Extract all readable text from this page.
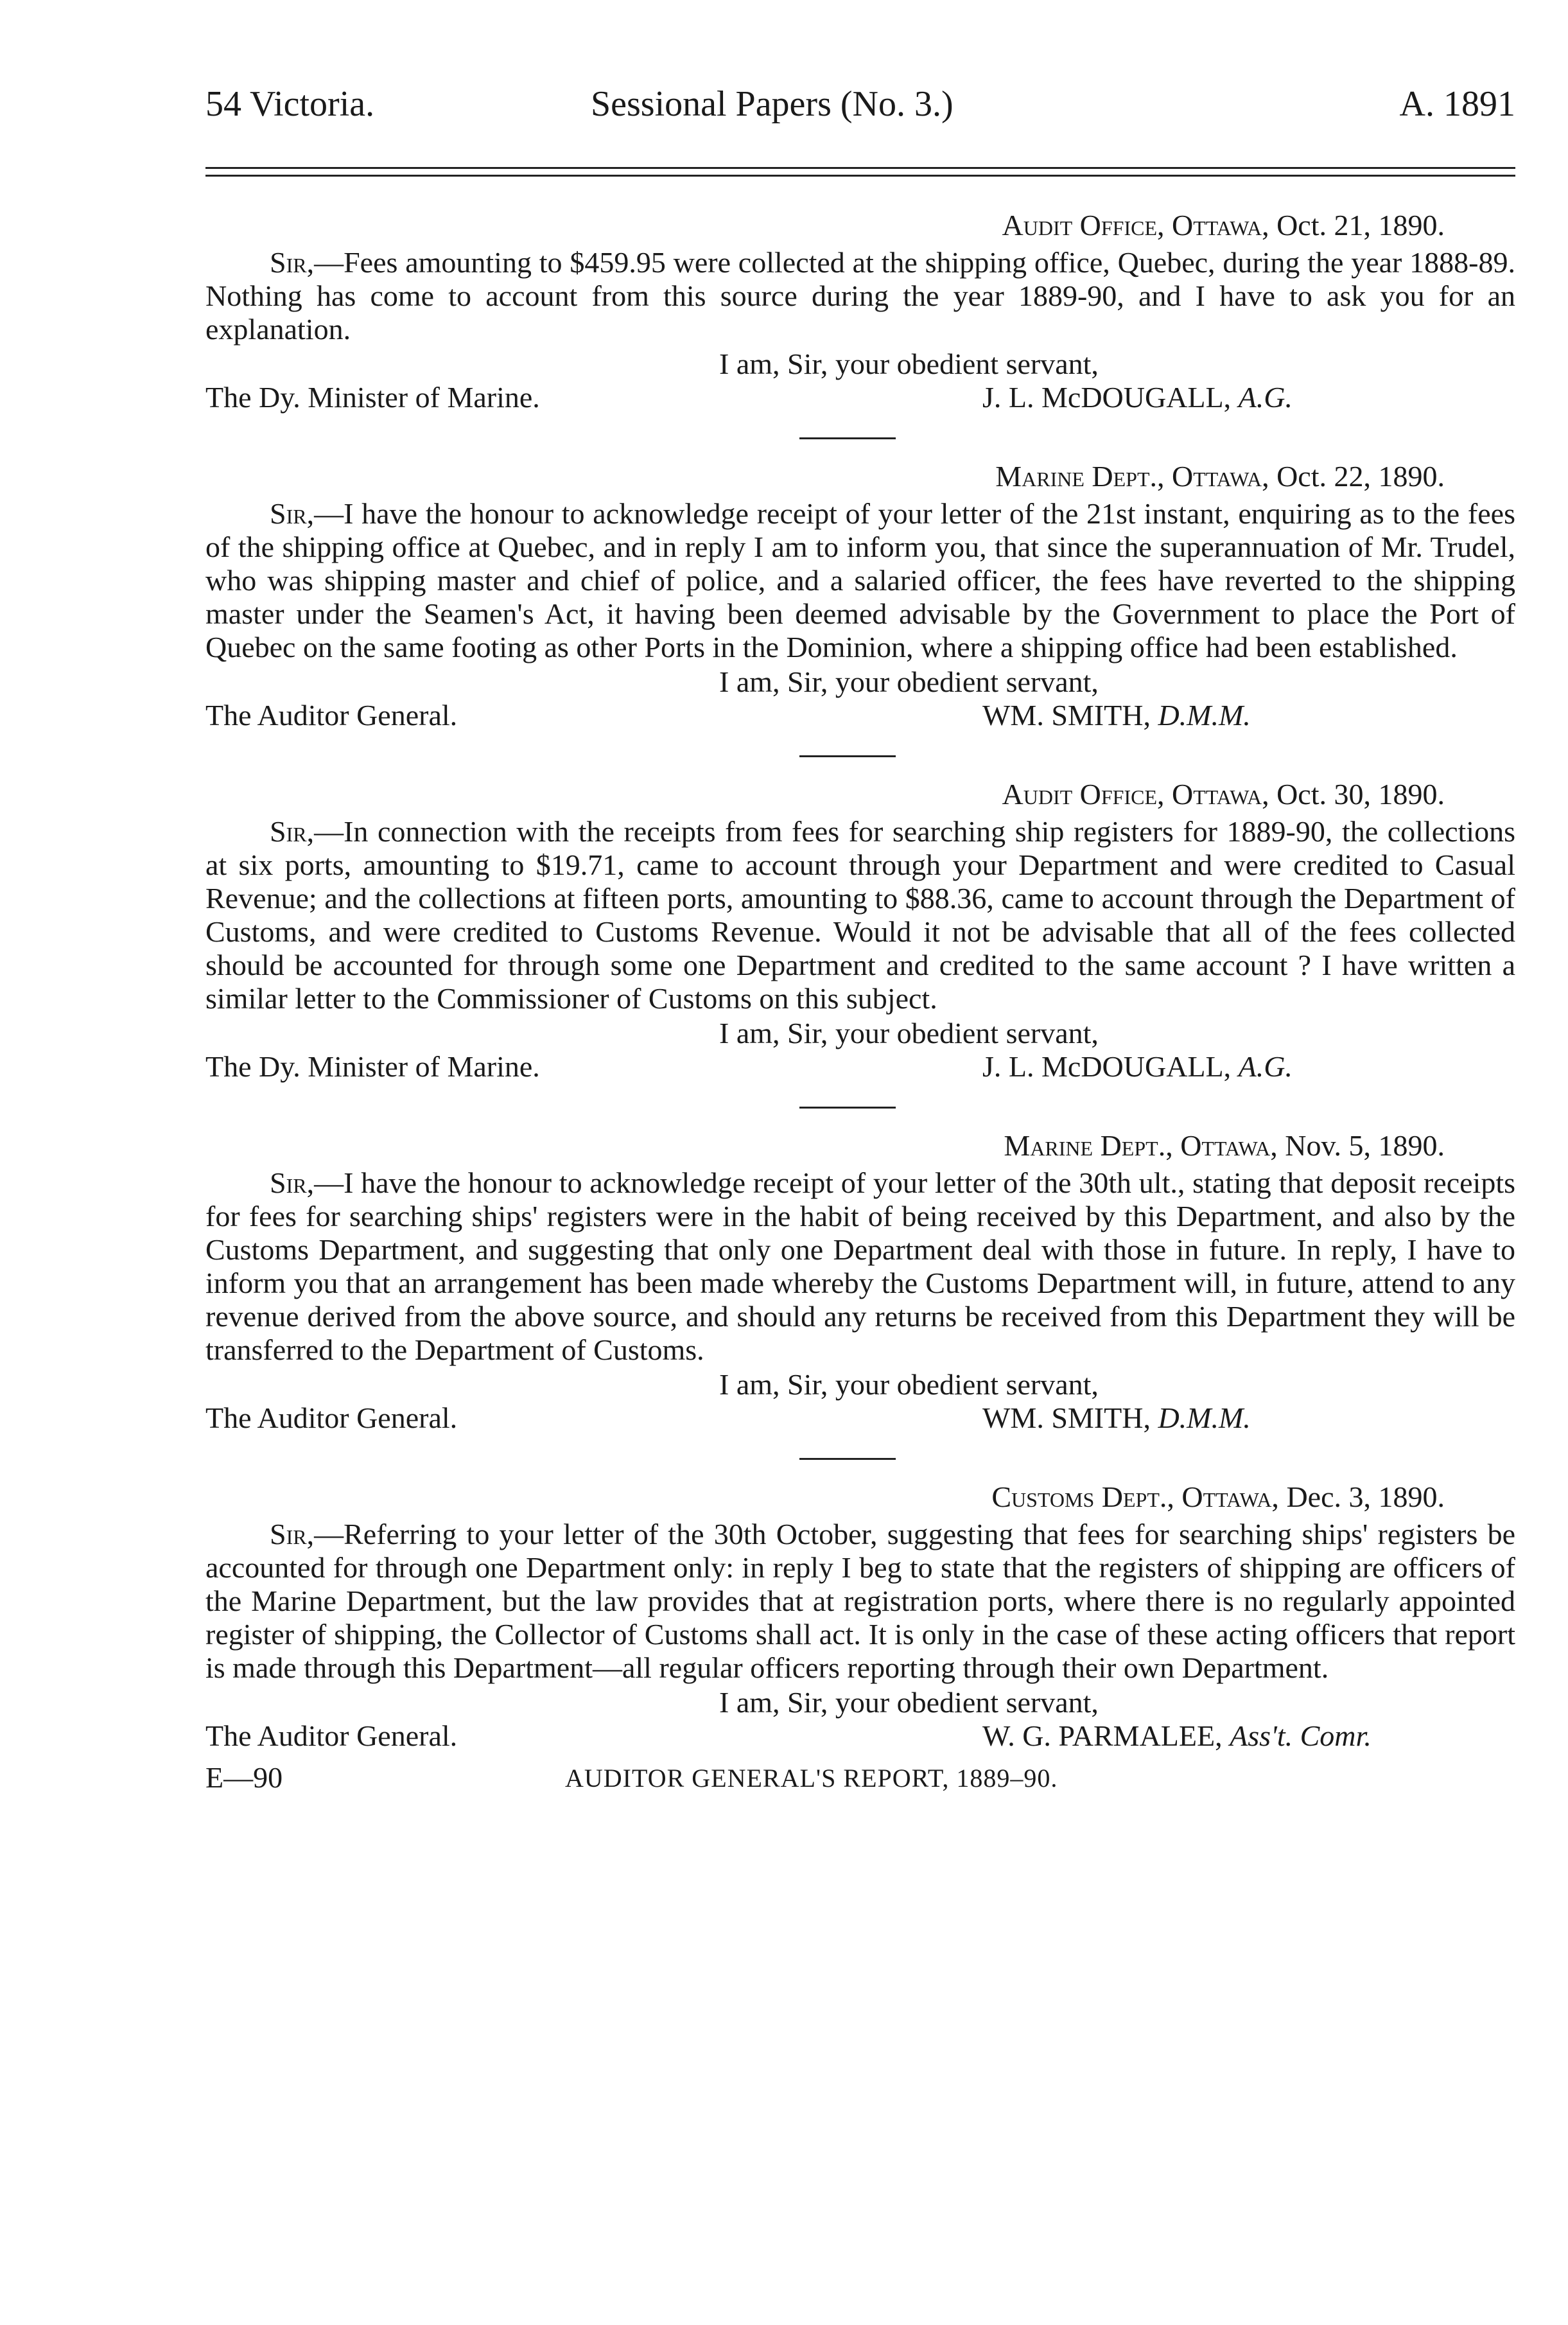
54 Victoria.	Sessional Papers (No. 3.)	A. 1891
Audit Office, Ottawa, Oct. 21, 1890.

Sir,—Fees amounting to $459.95 were collected at the shipping office, Quebec, during the year 1888-89. Nothing has come to account from this source during the year 1889-90, and I have to ask you for an explanation.

I am, Sir, your obedient servant,
The Dy. Minister of Marine.	J. L. McDOUGALL, A.G.
Marine Dept., Ottawa, Oct. 22, 1890.

Sir,—I have the honour to acknowledge receipt of your letter of the 21st instant, enquiring as to the fees of the shipping office at Quebec, and in reply I am to inform you, that since the superannuation of Mr. Trudel, who was shipping master and chief of police, and a salaried officer, the fees have reverted to the shipping master under the Seamen's Act, it having been deemed advisable by the Government to place the Port of Quebec on the same footing as other Ports in the Dominion, where a shipping office had been established.

I am, Sir, your obedient servant,
The Auditor General.	WM. SMITH, D.M.M.
Audit Office, Ottawa, Oct. 30, 1890.

Sir,—In connection with the receipts from fees for searching ship registers for 1889-90, the collections at six ports, amounting to $19.71, came to account through your Department and were credited to Casual Revenue; and the collections at fifteen ports, amounting to $88.36, came to account through the Department of Customs, and were credited to Customs Revenue. Would it not be advisable that all of the fees collected should be accounted for through some one Department and credited to the same account ? I have written a similar letter to the Commissioner of Customs on this subject.

I am, Sir, your obedient servant,
The Dy. Minister of Marine.	J. L. McDOUGALL, A.G.
Marine Dept., Ottawa, Nov. 5, 1890.

Sir,—I have the honour to acknowledge receipt of your letter of the 30th ult., stating that deposit receipts for fees for searching ships' registers were in the habit of being received by this Department, and also by the Customs Department, and suggesting that only one Department deal with those in future. In reply, I have to inform you that an arrangement has been made whereby the Customs Department will, in future, attend to any revenue derived from the above source, and should any returns be received from this Department they will be transferred to the Department of Customs.

I am, Sir, your obedient servant,
The Auditor General.	WM. SMITH, D.M.M.
Customs Dept., Ottawa, Dec. 3, 1890.

Sir,—Referring to your letter of the 30th October, suggesting that fees for searching ships' registers be accounted for through one Department only: in reply I beg to state that the registers of shipping are officers of the Marine Department, but the law provides that at registration ports, where there is no regularly appointed register of shipping, the Collector of Customs shall act. It is only in the case of these acting officers that report is made through this Department—all regular officers reporting through their own Department.

I am, Sir, your obedient servant,
The Auditor General.	W. G. PARMALEE, Ass't. Comr.
E—90	AUDITOR GENERAL'S REPORT, 1889–90.
